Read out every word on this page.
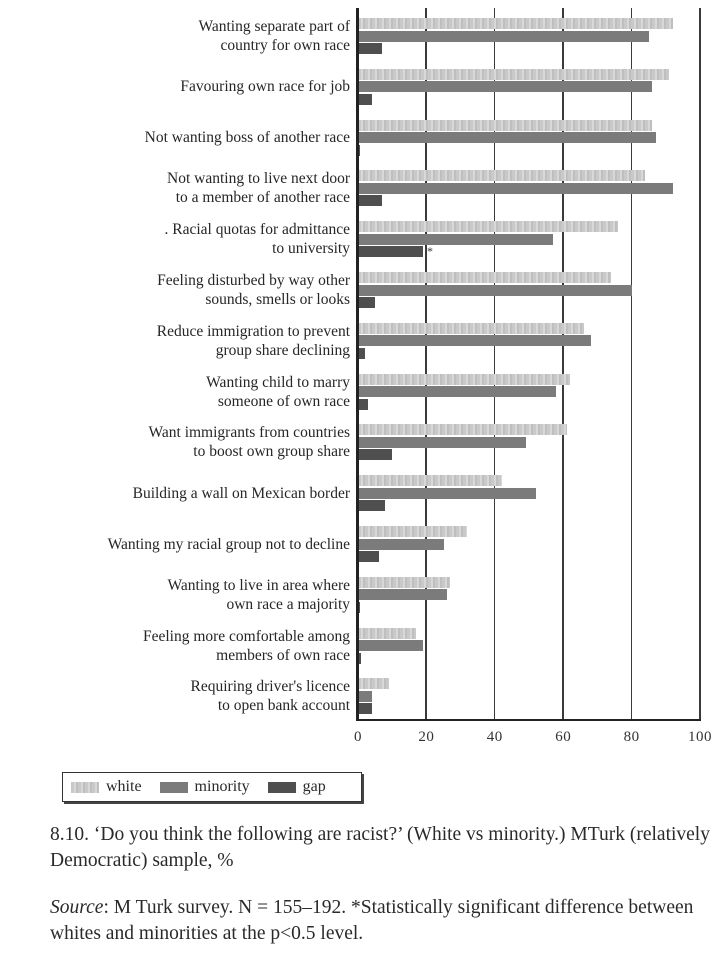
*
Wanting separate part of
country for own race
Favouring own race for job
Not wanting boss of another race
Not wanting to live next door
to a member of another race
. Racial quotas for admittance
to university
Feeling disturbed by way other
sounds, smells or looks
Reduce immigration to prevent
group share declining
Wanting child to marry
someone of own race
Want immigrants from countries
to boost own group share
Building a wall on Mexican border
Wanting my racial group not to decline
Wanting to live in area where
own race a majority
Feeling more comfortable among
members of own race
Requiring driver's licence
to open bank account
0	20	40	60	80	100
white	minority	gap
8.10. ‘Do you think the following are racist?’ (White vs minority.) MTurk (relatively Democratic) sample, %
Source: M Turk survey. N = 155–192. *Statistically significant difference between whites and minorities at the p<0.5 level.
